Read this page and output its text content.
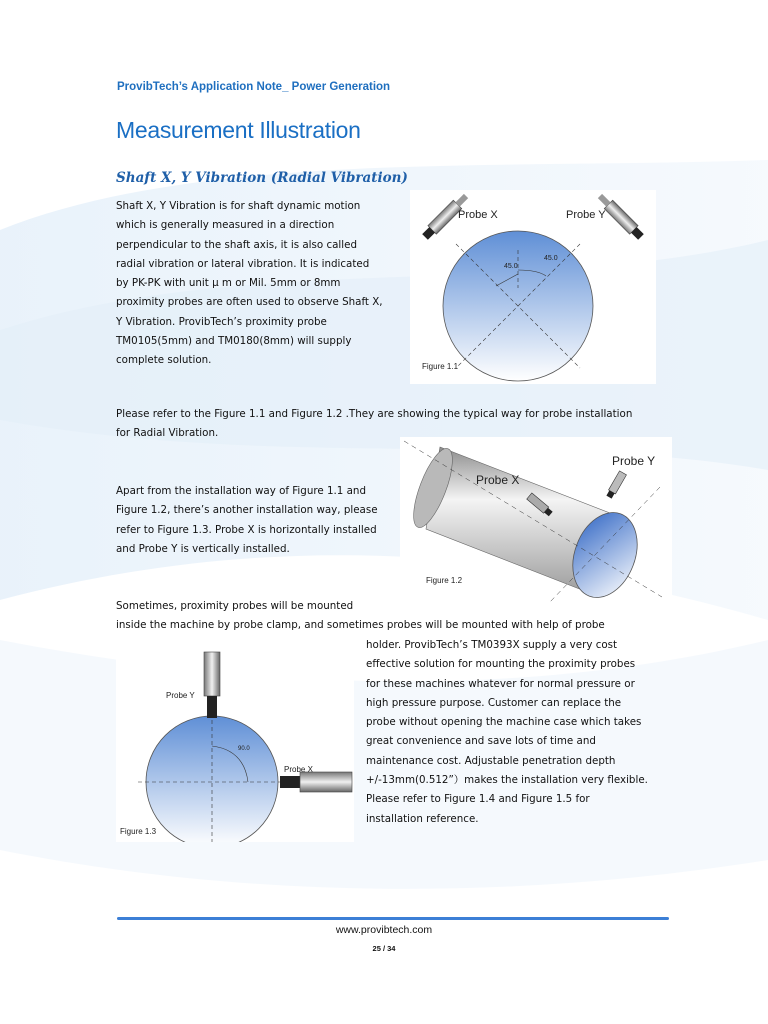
ProvibTech’s Application Note_ Power Generation
Measurement Illustration
Shaft X, Y Vibration (Radial Vibration)
Shaft X, Y Vibration is for shaft dynamic motion
which is generally measured in a direction
perpendicular to the shaft axis, it is also called
radial vibration or lateral vibration. It is indicated
by PK-PK with unit μ m or Mil. 5mm or 8mm
proximity probes are often used to observe Shaft X,
Y Vibration. ProvibTech’s proximity probe
TM0105(5mm) and TM0180(8mm) will supply
complete solution.
Probe X	Probe Y
45.0
45.0
Figure 1.1
Please refer to the Figure 1.1 and Figure 1.2 .They are showing the typical way for probe installation
for Radial Vibration.
Probe X
Probe Y
Figure 1.2
Apart from the installation way of Figure 1.1 and
Figure 1.2, there’s another installation way, please
refer to Figure 1.3. Probe X is horizontally installed
and Probe Y is vertically installed.
Sometimes, proximity probes will be mounted
inside the machine by probe clamp, and sometimes probes will be mounted with help of probe
Probe Y
Probe X
90.0
Figure 1.3
holder. ProvibTech’s TM0393X supply a very cost
effective solution for mounting the proximity probes
for these machines whatever for normal pressure or
high pressure purpose. Customer can replace the
probe without opening the machine case which takes
great convenience and save lots of time and
maintenance cost. Adjustable penetration depth
+/-13mm(0.512”）makes the installation very flexible.
Please refer to Figure 1.4 and Figure 1.5 for
installation reference.
www.provibtech.com
25 / 34
